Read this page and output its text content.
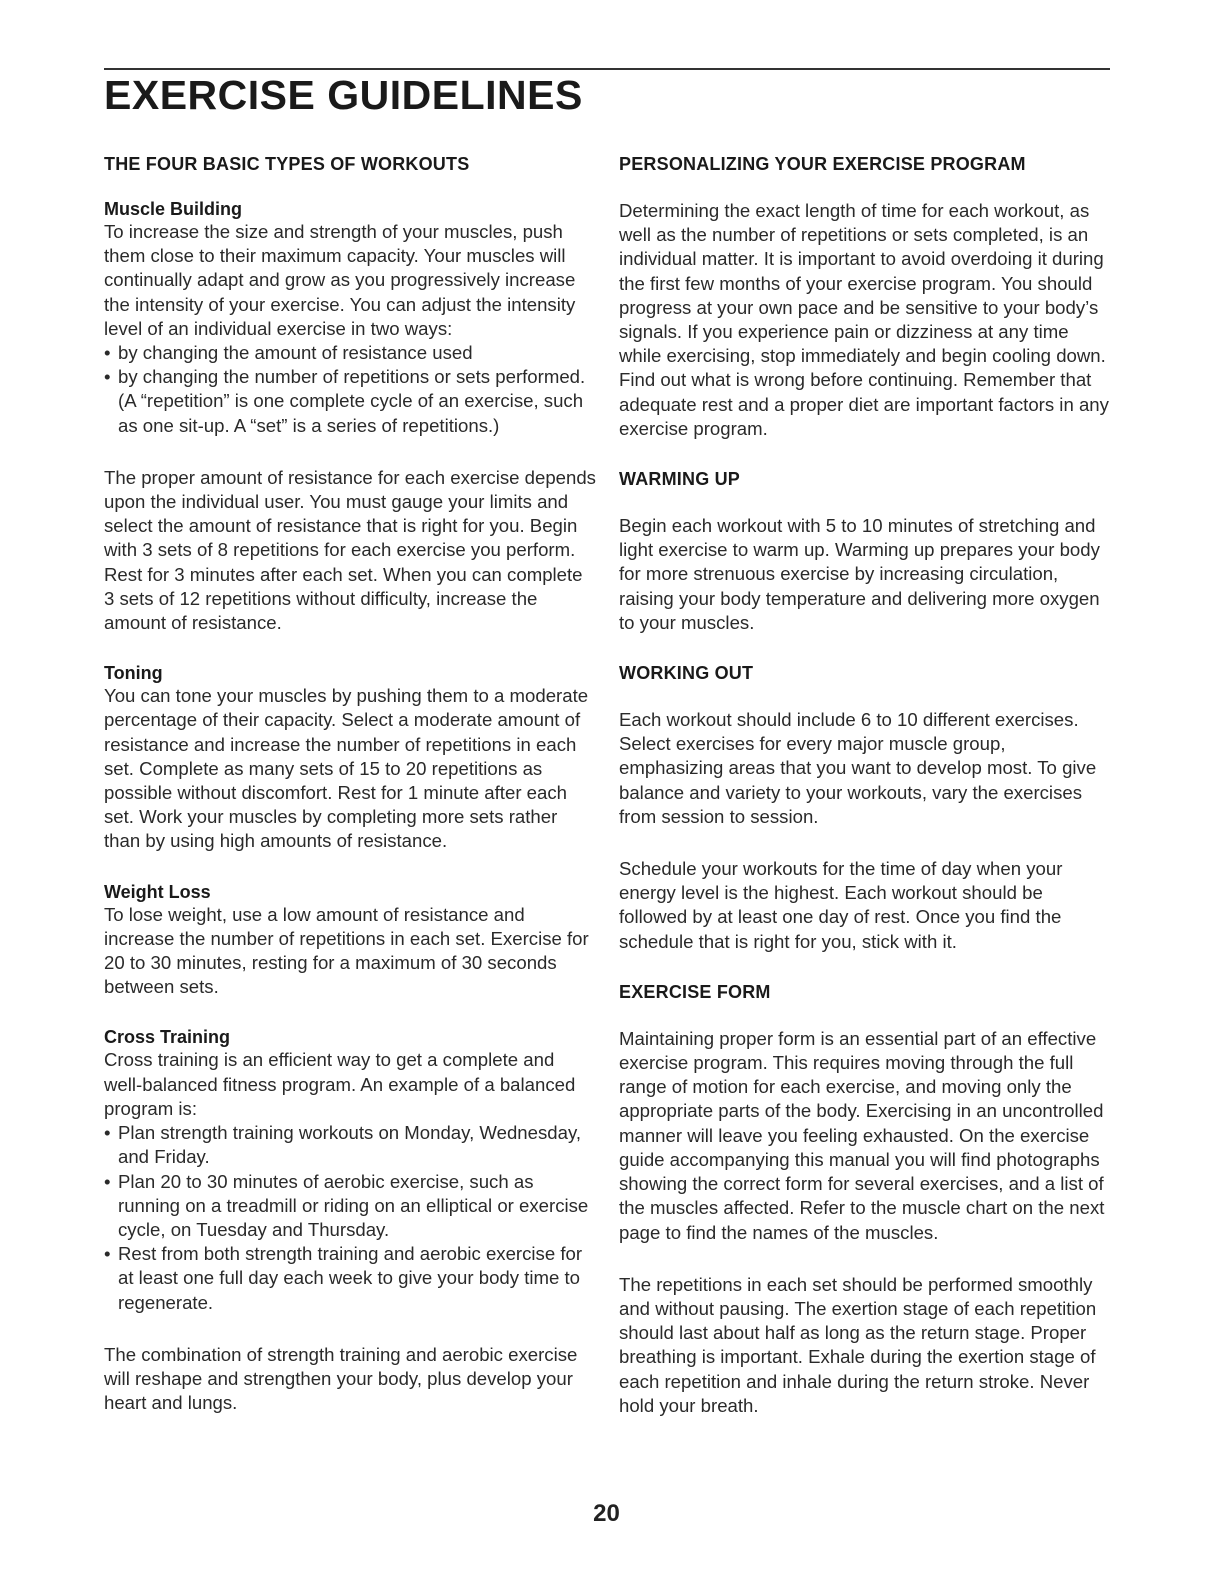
EXERCISE GUIDELINES
THE FOUR BASIC TYPES OF WORKOUTS
Muscle Building

To increase the size and strength of your muscles, push them close to their maximum capacity. Your muscles will continually adapt and grow as you progressively increase the intensity of your exercise. You can adjust the intensity level of an individual exercise in two ways:

• by changing the amount of resistance used
• by changing the number of repetitions or sets performed. (A “repetition” is one complete cycle of an exercise, such as one sit-up. A “set” is a series of repetitions.)

The proper amount of resistance for each exercise depends upon the individual user. You must gauge your limits and select the amount of resistance that is right for you. Begin with 3 sets of 8 repetitions for each exercise you perform. Rest for 3 minutes after each set. When you can complete 3 sets of 12 repetitions without difficulty, increase the amount of resistance.

Toning

You can tone your muscles by pushing them to a moderate percentage of their capacity. Select a moderate amount of resistance and increase the number of repetitions in each set. Complete as many sets of 15 to 20 repetitions as possible without discomfort. Rest for 1 minute after each set. Work your muscles by completing more sets rather than by using high amounts of resistance.

Weight Loss

To lose weight, use a low amount of resistance and increase the number of repetitions in each set. Exercise for 20 to 30 minutes, resting for a maximum of 30 seconds between sets.

Cross Training

Cross training is an efficient way to get a complete and well-balanced fitness program. An example of a balanced program is:

• Plan strength training workouts on Monday, Wednesday, and Friday.
• Plan 20 to 30 minutes of aerobic exercise, such as running on a treadmill or riding on an elliptical or exercise cycle, on Tuesday and Thursday.
• Rest from both strength training and aerobic exercise for at least one full day each week to give your body time to regenerate.

The combination of strength training and aerobic exercise will reshape and strengthen your body, plus develop your heart and lungs.

PERSONALIZING YOUR EXERCISE PROGRAM

Determining the exact length of time for each workout, as well as the number of repetitions or sets completed, is an individual matter. It is important to avoid overdoing it during the first few months of your exercise program. You should progress at your own pace and be sensitive to your body’s signals. If you experience pain or dizziness at any time while exercising, stop immediately and begin cooling down. Find out what is wrong before continuing. Remember that adequate rest and a proper diet are important factors in any exercise program.

WARMING UP

Begin each workout with 5 to 10 minutes of stretching and light exercise to warm up. Warming up prepares your body for more strenuous exercise by increasing circulation, raising your body temperature and delivering more oxygen to your muscles.

WORKING OUT

Each workout should include 6 to 10 different exercises. Select exercises for every major muscle group, emphasizing areas that you want to develop most. To give balance and variety to your workouts, vary the exercises from session to session.

Schedule your workouts for the time of day when your energy level is the highest. Each workout should be followed by at least one day of rest. Once you find the schedule that is right for you, stick with it.

EXERCISE FORM

Maintaining proper form is an essential part of an effective exercise program. This requires moving through the full range of motion for each exercise, and moving only the appropriate parts of the body. Exercising in an uncontrolled manner will leave you feeling exhausted. On the exercise guide accompanying this manual you will find photographs showing the correct form for several exercises, and a list of the muscles affected. Refer to the muscle chart on the next page to find the names of the muscles.

The repetitions in each set should be performed smoothly and without pausing. The exertion stage of each repetition should last about half as long as the return stage. Proper breathing is important. Exhale during the exertion stage of each repetition and inhale during the return stroke. Never hold your breath.

20
